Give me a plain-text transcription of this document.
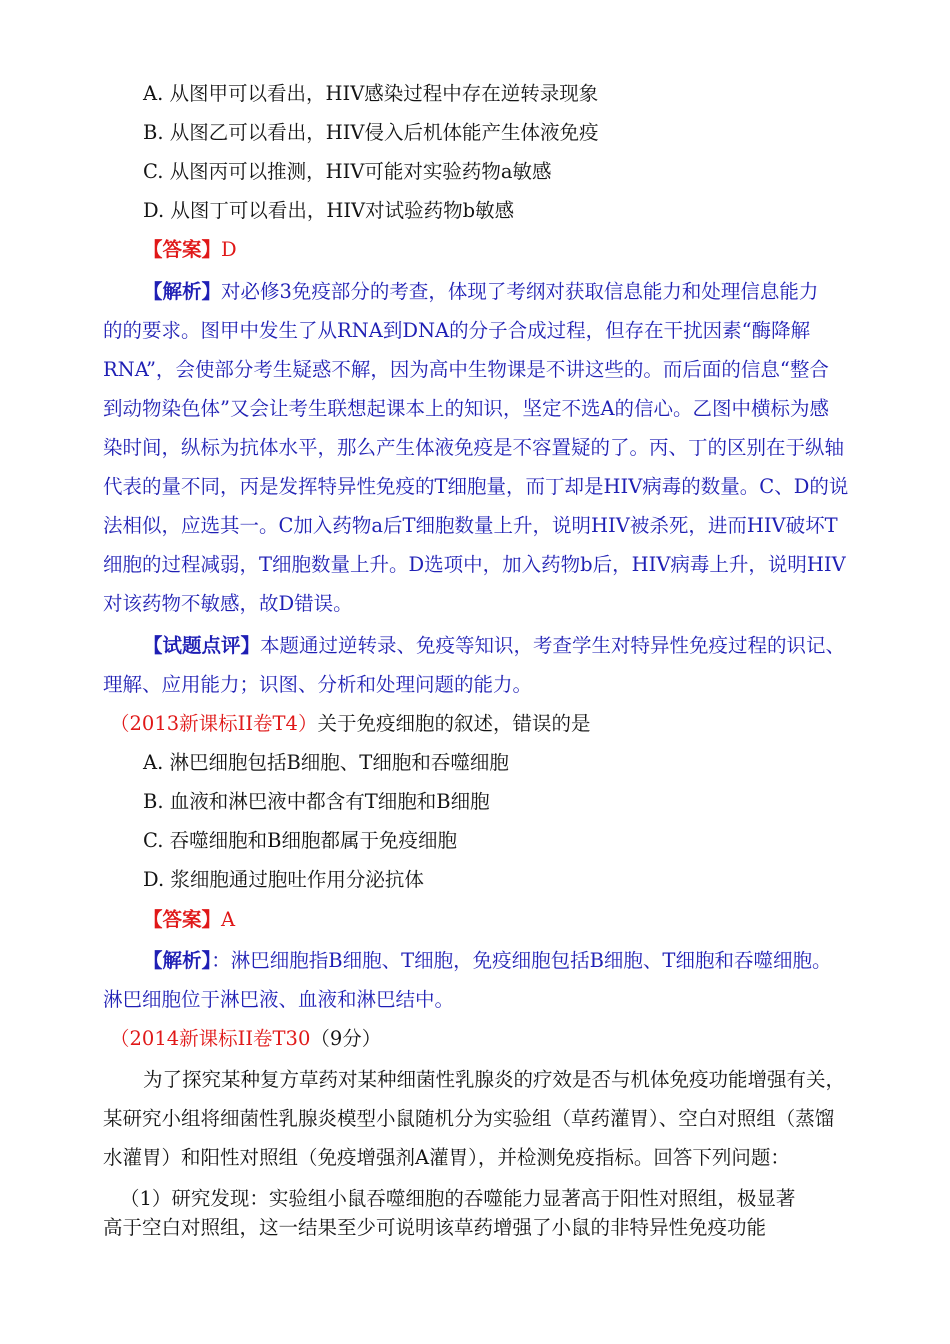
A. 从图甲可以看出，HIV感染过程中存在逆转录现象
B. 从图乙可以看出，HIV侵入后机体能产生体液免疫
C. 从图丙可以推测，HIV可能对实验药物a敏感
D. 从图丁可以看出，HIV对试验药物b敏感
【答案】D
【解析】对必修3免疫部分的考查，体现了考纲对获取信息能力和处理信息能力
的的要求。图甲中发生了从RNA到DNA的分子合成过程，但存在干扰因素“酶降解
RNA”，会使部分考生疑惑不解，因为高中生物课是不讲这些的。而后面的信息“整合
到动物染色体”又会让考生联想起课本上的知识，坚定不选A的信心。乙图中横标为感
染时间，纵标为抗体水平，那么产生体液免疫是不容置疑的了。丙、丁的区别在于纵轴
代表的量不同，丙是发挥特异性免疫的T细胞量，而丁却是HIV病毒的数量。C、D的说
法相似，应选其一。C加入药物a后T细胞数量上升，说明HIV被杀死，进而HIV破坏T
细胞的过程减弱，T细胞数量上升。D选项中，加入药物b后，HIV病毒上升，说明HIV
对该药物不敏感，故D错误。
【试题点评】本题通过逆转录、免疫等知识，考查学生对特异性免疫过程的识记、
理解、应用能力；识图、分析和处理问题的能力。
（2013新课标II卷T4）关于免疫细胞的叙述，错误的是
A. 淋巴细胞包括B细胞、T细胞和吞噬细胞
B. 血液和淋巴液中都含有T细胞和B细胞
C. 吞噬细胞和B细胞都属于免疫细胞
D. 浆细胞通过胞吐作用分泌抗体
【答案】A
【解析】：淋巴细胞指B细胞、T细胞，免疫细胞包括B细胞、T细胞和吞噬细胞。
淋巴细胞位于淋巴液、血液和淋巴结中。
（2014新课标II卷T30（9分）
为了探究某种复方草药对某种细菌性乳腺炎的疗效是否与机体免疫功能增强有关，
某研究小组将细菌性乳腺炎模型小鼠随机分为实验组（草药灌胃）、空白对照组（蒸馏
水灌胃）和阳性对照组（免疫增强剂A灌胃），并检测免疫指标。回答下列问题：
（1）研究发现：实验组小鼠吞噬细胞的吞噬能力显著高于阳性对照组，极显著
高于空白对照组，这一结果至少可说明该草药增强了小鼠的非特异性免疫功能
